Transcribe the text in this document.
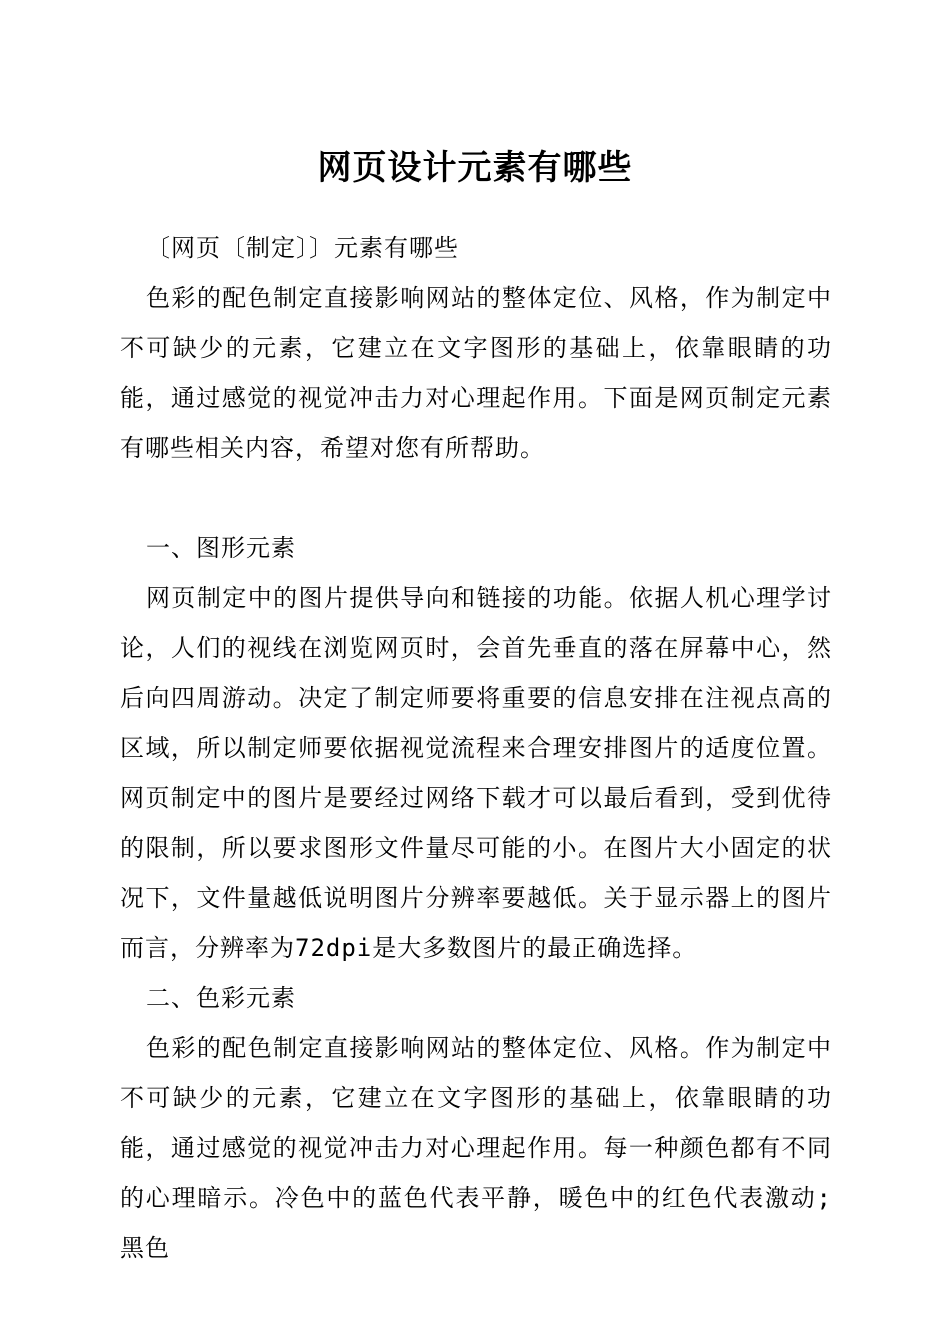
网页设计元素有哪些

〔网页〔制定〕〕元素有哪些

色彩的配色制定直接影响网站的整体定位、风格，作为制定中不可缺少的元素，它建立在文字图形的基础上，依靠眼睛的功能，通过感觉的视觉冲击力对心理起作用。下面是网页制定元素有哪些相关内容，希望对您有所帮助。

一、图形元素

网页制定中的图片提供导向和链接的功能。依据人机心理学讨论，人们的视线在浏览网页时，会首先垂直的落在屏幕中心，然后向四周游动。决定了制定师要将重要的信息安排在注视点高的区域，所以制定师要依据视觉流程来合理安排图片的适度位置。网页制定中的图片是要经过网络下载才可以最后看到，受到优待的限制，所以要求图形文件量尽可能的小。在图片大小固定的状况下，文件量越低说明图片分辨率要越低。关于显示器上的图片而言，分辨率为72dpi是大多数图片的最正确选择。

二、色彩元素

色彩的配色制定直接影响网站的整体定位、风格。作为制定中不可缺少的元素，它建立在文字图形的基础上，依靠眼睛的功能，通过感觉的视觉冲击力对心理起作用。每一种颜色都有不同的心理暗示。冷色中的蓝色代表平静，暖色中的红色代表激动;黑色
